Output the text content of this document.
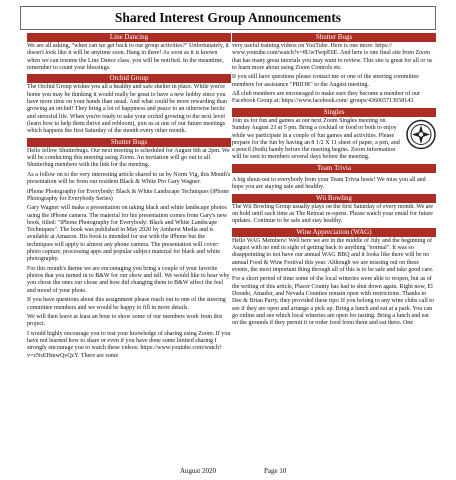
Shared Interest Group Announcements
Line Dancing

We are all asking, "when can we get back to our group activities?" Unfortunately, it doesn't look like it will be anytime soon. Hang in there! As soon as it is known when we can resume the Line Dance class, you will be notified. In the meantime, remember to count your blessings.

Orchid Group

The Orchid Group wishes you all a healthy and safe shelter in place. While you're home you may be thinking it would really be great to have a new hobby since you have more time on your hands than usual. And what could be more rewarding than growing an orchid! They bring a lot of happiness and peace to an otherwise hectic and stressful life. When you're ready to take your orchid growing to the next level (learn how to help them thrive and rebloom), join us at one of our future meetings which happens the first Saturday of the month every other month.

Shutter Bugs

Hello fellow Shutterbugs. Our next meeting is scheduled for August 6th at 2pm. We will be conducting this meeting using Zoom. An invitation will go out to all Shutterbug members with the link for the meeting.

As a follow on to the very interesting article shared to us by Norm Vig, this Month's presentation will be from our resident Black & White Pro Gary Wagner.

iPhone Photography for Everybody: Black & White Landscape Techniques (iPhone Photography for Everybody Series)

Gary Wagner will make a presentation on taking black and white landscape photos using the iPhone camera. The material for his presentation comes from Gary's new book, titled: "iPhone Photography for Everybody: Black and White Landscape Techniques". The book was published in May 2020 by Amherst Media and is available at Amazon. His book is intended for use with the iPhone but the techniques will apply to almost any phone camera. The presentation will cover: photo capture, processing apps and popular subject material for black and white photography.

For this month's theme we are encouraging you bring a couple of your favorite photos that you turned in to B&W for our show and tell. We would like to hear why you chose the ones our chose and how did changing them to B&W affect the feel and mood of your photo.

If you have questions about this assignment please reach out to one of the steering committee members and we would be happy to fill in more details.

We will then leave at least an hour to show some of our members work from this project.

I would highly encourage you to test your knowledge of sharing using Zoom. If you have not learned how to share or even if you have done some limited sharing I strongly encourage you to watch these videos: https://www.youtube.com/watch?v=zNsEHmwQvQcY. There are some

Shutter Bugs

very useful training videos on YouTube. Here is one more: https:// www.youtube.com/watch?v=8UwTwipE6E. And here is one final site from Zoom that has many great tutorials you may want to review. This site is great for all or us to learn more about using Zoom Controls etc.

If you still have questions please contact me or one of the steering committee members for assistance "PRIOR" to the August meeting.

All club members are encouraged to make sure they become a member of our Facebook Group at: https://www.facebook.com/ groups/436065713658143

Singles

Join us for fun and games at our next Zoom Singles meeting on Sunday August 23 at 5 pm. Bring a cocktail or food or both to enjoy while we participate in a couple of fun games and activities. Please prepare for the fun by having an 8 1/2 X 11 sheet of paper, a pen, and a pencil (both) handy before the meeting begins. Zoom information will be sent to members several days before the meeting.

Team Trivia

A big shout-out to everybody from your Team Trivia hosts! We miss you all and hope you are staying safe and healthy.

Wii Bowling

The Wii Bowling Group usually plays on the first Saturday of every month. We are on hold until such time as The Retreat re-opens. Please watch your email for future updates. Continue to be safe and stay healthy.

Wine Appreciation (WAG)

Hello WAG Members! Well here we are in the middle of July and the beginning of August with no end in sight of getting back to anything "normal". It was so disappointing to not have our annual WAG BBQ and it looks like there will be no annual Food & Wine Festival this year. Although we are missing out on these events, the most important thing through all of this is to be safe and take good care.

For a short period of time some of the local wineries were able to reopen, but as of the writing of this article, Placer County has had to shut down again. Right now, El Dorado, Amador, and Nevada Counties remain open with restrictions. Thanks to Dee & Brian Parry, they provided these tips: If you belong to any wine clubs call to see if they are open and arrange a pick up. Bring a lunch and eat at a park. You can go online and see which local wineries are open for tasting. Bring a lunch and eat on the grounds if they permit it or order food from them and eat there. One

August 2020	Page 10
